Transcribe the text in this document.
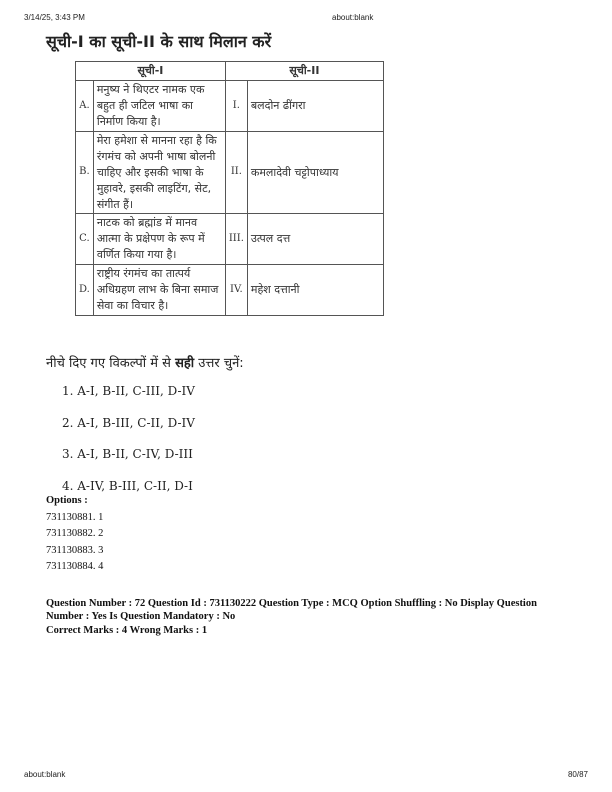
3/14/25, 3:43 PM	about:blank
सूची-I का सूची-II के साथ मिलान करें
सूची-I		सूची-II	
A.	मनुष्य ने थिएटर नामक एक बहुत ही जटिल भाषा का निर्माण किया है।	I.	बलदोन ढींगरा
B.	मेरा हमेशा से मानना रहा है कि रंगमंच को अपनी भाषा बोलनी चाहिए और इसकी भाषा के मुहावरे, इसकी लाइटिंग, सेट, संगीत हैं।	II.	कमलादेवी चट्टोपाध्याय
C.	नाटक को ब्रह्मांड में मानव आत्मा के प्रक्षेपण के रूप में वर्णित किया गया है।	III.	उत्पल दत्त
D.	राष्ट्रीय रंगमंच का तात्पर्य अधिग्रहण लाभ के बिना समाज सेवा का विचार है।	IV.	महेश दत्तानी
नीचे दिए गए विकल्पों में से सही उत्तर चुनें:
1. A-I, B-II, C-III, D-IV
2. A-I, B-III, C-II, D-IV
3. A-I, B-II, C-IV, D-III
4. A-IV, B-III, C-II, D-I
Options :
731130881. 1
731130882. 2
731130883. 3
731130884. 4
Question Number : 72 Question Id : 731130222 Question Type : MCQ Option Shuffling : No Display Question Number : Yes Is Question Mandatory : No
Correct Marks : 4 Wrong Marks : 1
about:blank	80/87
